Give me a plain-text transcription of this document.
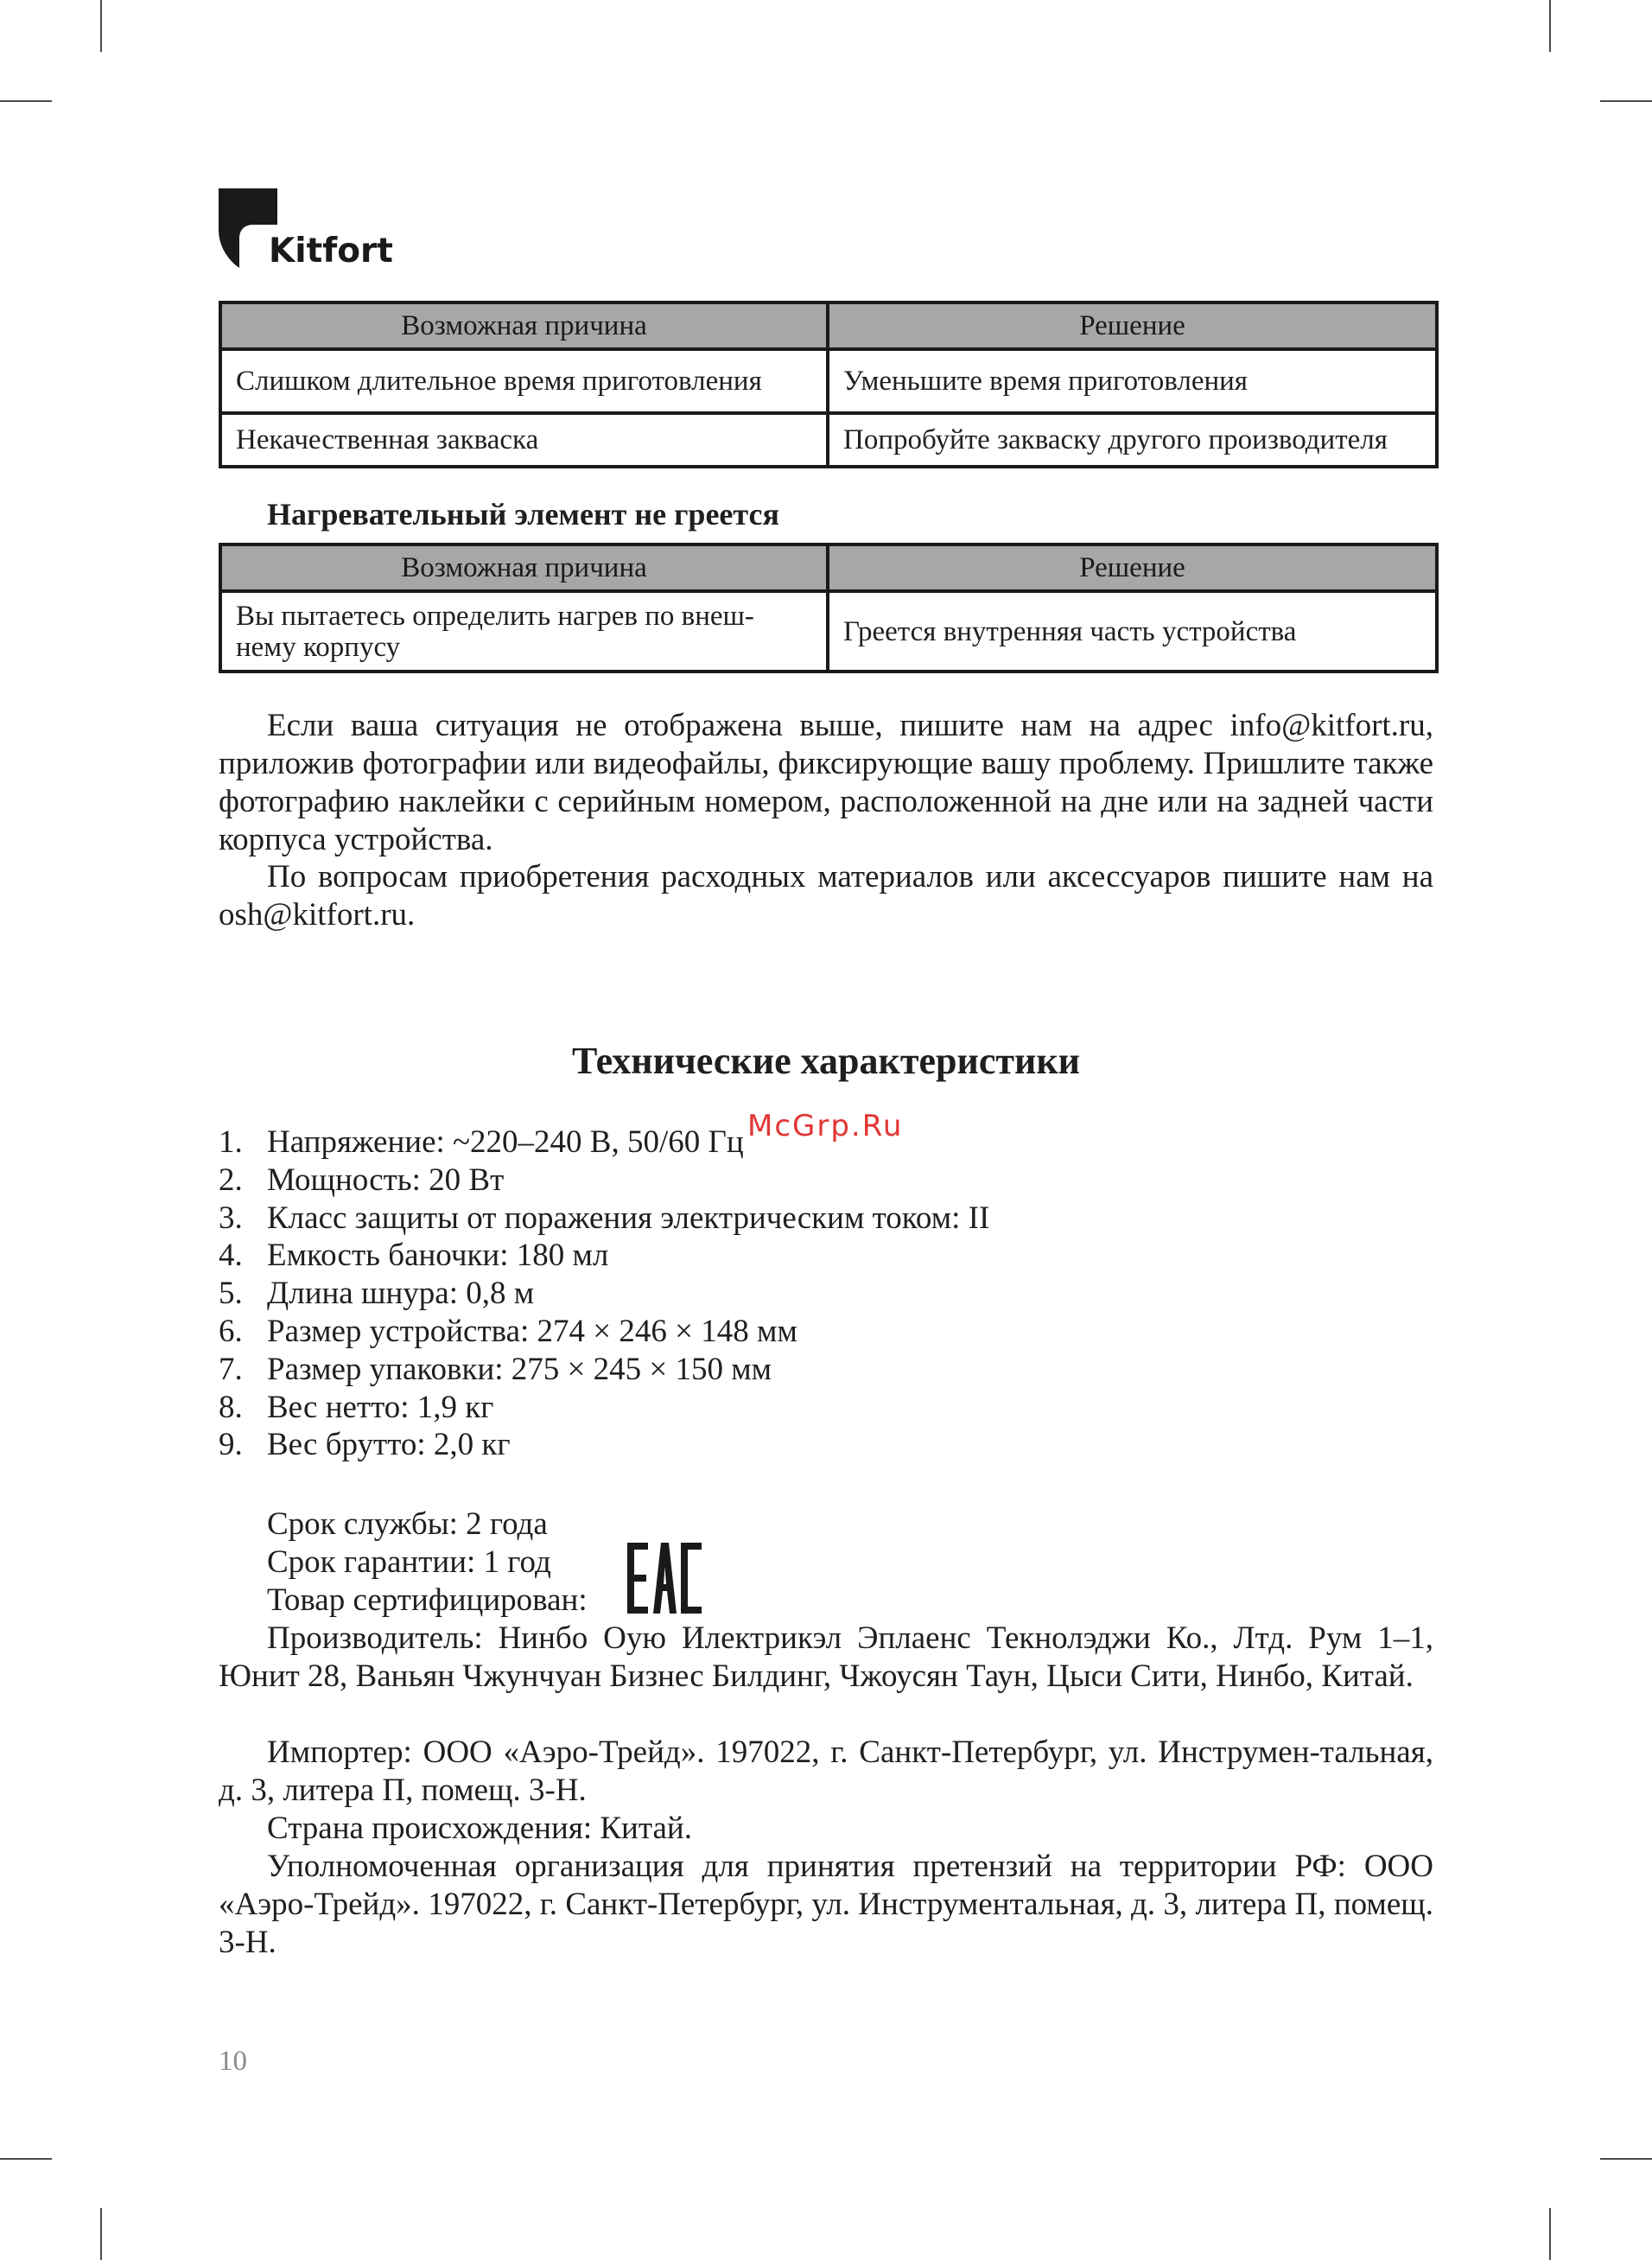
Kitfort
Возможная причина	Решение
Слишком длительное время приготовления	Уменьшите время приготовления
Некачественная закваска	Попробуйте закваску другого производителя
Нагревательный элемент не греется
Возможная причина	Решение
Вы пытаетесь определить нагрев по внеш-нему корпусу	Греется внутренняя часть устройства

Если ваша ситуация не отображена выше, пишите нам на адрес info@kitfort.ru, приложив фотографии или видеофайлы, фиксирующие вашу проблему. Пришлите также фотографию наклейки с серийным номером, расположенной на дне или на задней части корпуса устройства.

По вопросам приобретения расходных материалов или аксессуаров пишите нам на osh@kitfort.ru.

Технические характеристики
1. Напряжение: ~220–240 В, 50/60 Гц
2. Мощность: 20 Вт
3. Класс защиты от поражения электрическим током: II
4. Емкость баночки: 180 мл
5. Длина шнура: 0,8 м
6. Размер устройства: 274 × 246 × 148 мм
7. Размер упаковки: 275 × 245 × 150 мм
8. Вес нетто: 1,9 кг
9. Вес брутто: 2,0 кг
McGrp.Ru
Срок службы: 2 года
Срок гарантии: 1 год
Товар сертифицирован:

Производитель: Нинбо Оую Илектрикэл Эплаенс Текнолэджи Ко., Лтд. Рум 1–1, Юнит 28, Ваньян Чжунчуан Бизнес Билдинг, Чжоусян Таун, Цыси Сити, Нинбо, Китай.

Импортер: ООО «Аэро-Трейд». 197022, г. Санкт-Петербург, ул. Инструмен-тальная, д. 3, литера П, помещ. 3-Н.

Страна происхождения: Китай.

Уполномоченная организация для принятия претензий на территории РФ: ООО «Аэро-Трейд». 197022, г. Санкт-Петербург, ул. Инструментальная, д. 3, литера П, помещ. 3-Н.

10
